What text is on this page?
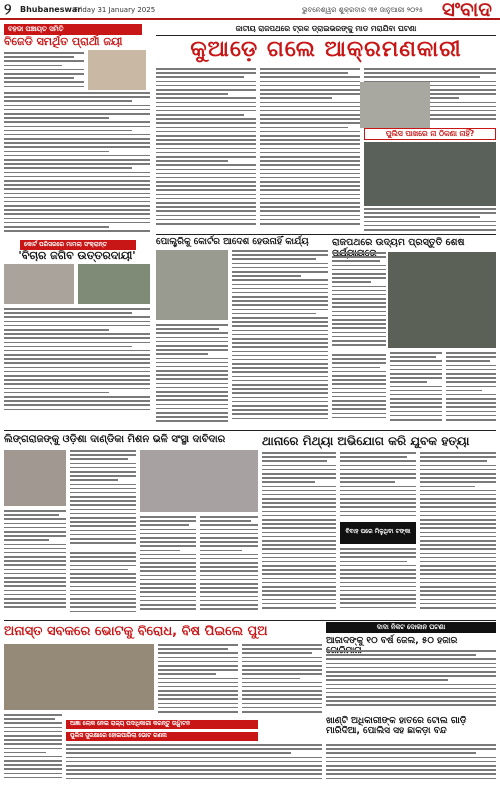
୨ Bhubaneswar
Friday 31 January 2025	ଭୁବନେଶ୍ୱର ଶୁକ୍ରବାର ୩୧ ଜାନୁଆରୀ ୨୦୨୫ ସଂବାଦ
ବହଡା ପଞ୍ଚାୟତ ସମିତି
ବିଜେଡି ସମର୍ଥିତ ପ୍ରାର୍ଥୀ ଜୟୀ
କୋର୍ଟ ପରିସରରେ ମାମଲା ସଂକ୍ରାନ୍ତ
'ବିଚାର ଜଗିବ ଉତ୍ତରଦାୟୀ'
ଜାତୀୟ ରାଜପଥରେ ଟ୍ରକ ଡ୍ରାଇଭରଙ୍କୁ ମାଡ ମରାଯିବା ଘଟଣା
କୁଆଡ଼େ ଗଲେ ଆକ୍ରମଣକାରୀ
ପୁଲିସ ପାଖରେ ନା ଠିକଣା ନାହିଁ?
ପୋଲ୍ଟ୍ରିକୁ କୋର୍ଟର ଆଦେଶ ହେଉନାହିଁ କାର୍ଯ୍ୟ	ରାଜପଥରେ ଉଦ୍ୟମ ପ୍ରସ୍ତୁତି ଶେଷ
ଲିଙ୍ଗରାଜଙ୍କୁ ଓଡ଼ିଶା ଦାଣ୍ଡିକା ମିଶନ ଭଳି ସଂସ୍ଥା ଦାବିଦାର	ଥାନାରେ ମିଥ୍ୟା ଅଭିଯୋଗ କରି ଯୁବକ ହତ୍ୟା
ବିବାହ ପରେ ମିଳୁଥିବା ଟଙ୍କା
ଅନାସ୍ତ ସବକରେ ଭୋଟକୁ ବିରୋଧ, ବିଷ ପିଇଲେ ପୁଅ
ଆଜ୍ଞା ଲୋକ ନେଇ ରାଜ୍ୟ ପଦାଧିକାରୀ କରନ୍ତୁ ଉଦ୍ଘାଟନ
ପୁଲିସ ସୁରକ୍ଷାରେ ହୋଇପାରିଲା ଭୋଟ ଗଣନା
ଦାଦା ନିକଟ ଦୋକାନ ଘଟଣା
ଆଜାଦଙ୍କୁ ୧୦ ବର୍ଷ ଜେଲ, ୫୦ ହଜାର
ଖାଣ୍ଟି ଅଧିକାରୀଙ୍କ ହାତରେ ଟୋଲ ଗାଡ଼ି ମାରିଦିଆ, ପୋଲିସ ସହ ଛାକଡ଼ା ବନ୍ଦ
